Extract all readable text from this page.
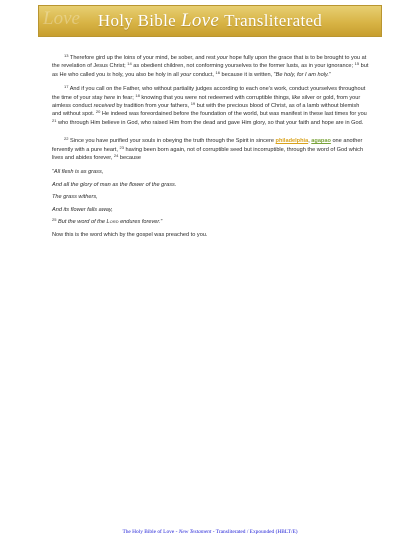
Love Holy Bible Love Transliterated

$^{13}$ Therefore gird up the loins of your mind, be sober, and rest your hope fully upon the grace that is to be brought to you at the revelation of Jesus Christ; $^{14}$ as obedient children, not conforming yourselves to the former lusts, as in your ignorance; $^{15}$ but as He who called you is holy, you also be holy in all your conduct, $^{16}$ because it is written, “Be holy, for I am holy.”

$^{17}$ And if you call on the Father, who without partiality judges according to each one’s work, conduct yourselves throughout the time of your stay here in fear; $^{18}$ knowing that you were not redeemed with corruptible things, like silver or gold, from your aimless conduct received by tradition from your fathers, $^{19}$ but with the precious blood of Christ, as of a lamb without blemish and without spot. $^{20}$ He indeed was foreordained before the foundation of the world, but was manifest in these last times for you $^{21}$ who through Him believe in God, who raised Him from the dead and gave Him glory, so that your faith and hope are in God.

$^{22}$ Since you have purified your souls in obeying the truth through the Spirit in sincere philadelphia, agapao one another fervently with a pure heart, $^{23}$ having been born again, not of corruptible seed but incorruptible, through the word of God which lives and abides forever, $^{24}$ because

“All flesh is as grass,

And all the glory of man as the flower of the grass.

The grass withers,

And its flower falls away,

$^{25}$ But the word of the Lord endures forever.”

Now this is the word which by the gospel was preached to you.

The Holy Bible of Love - New Testament - Transliterated / Expounded (HBLT/E)
